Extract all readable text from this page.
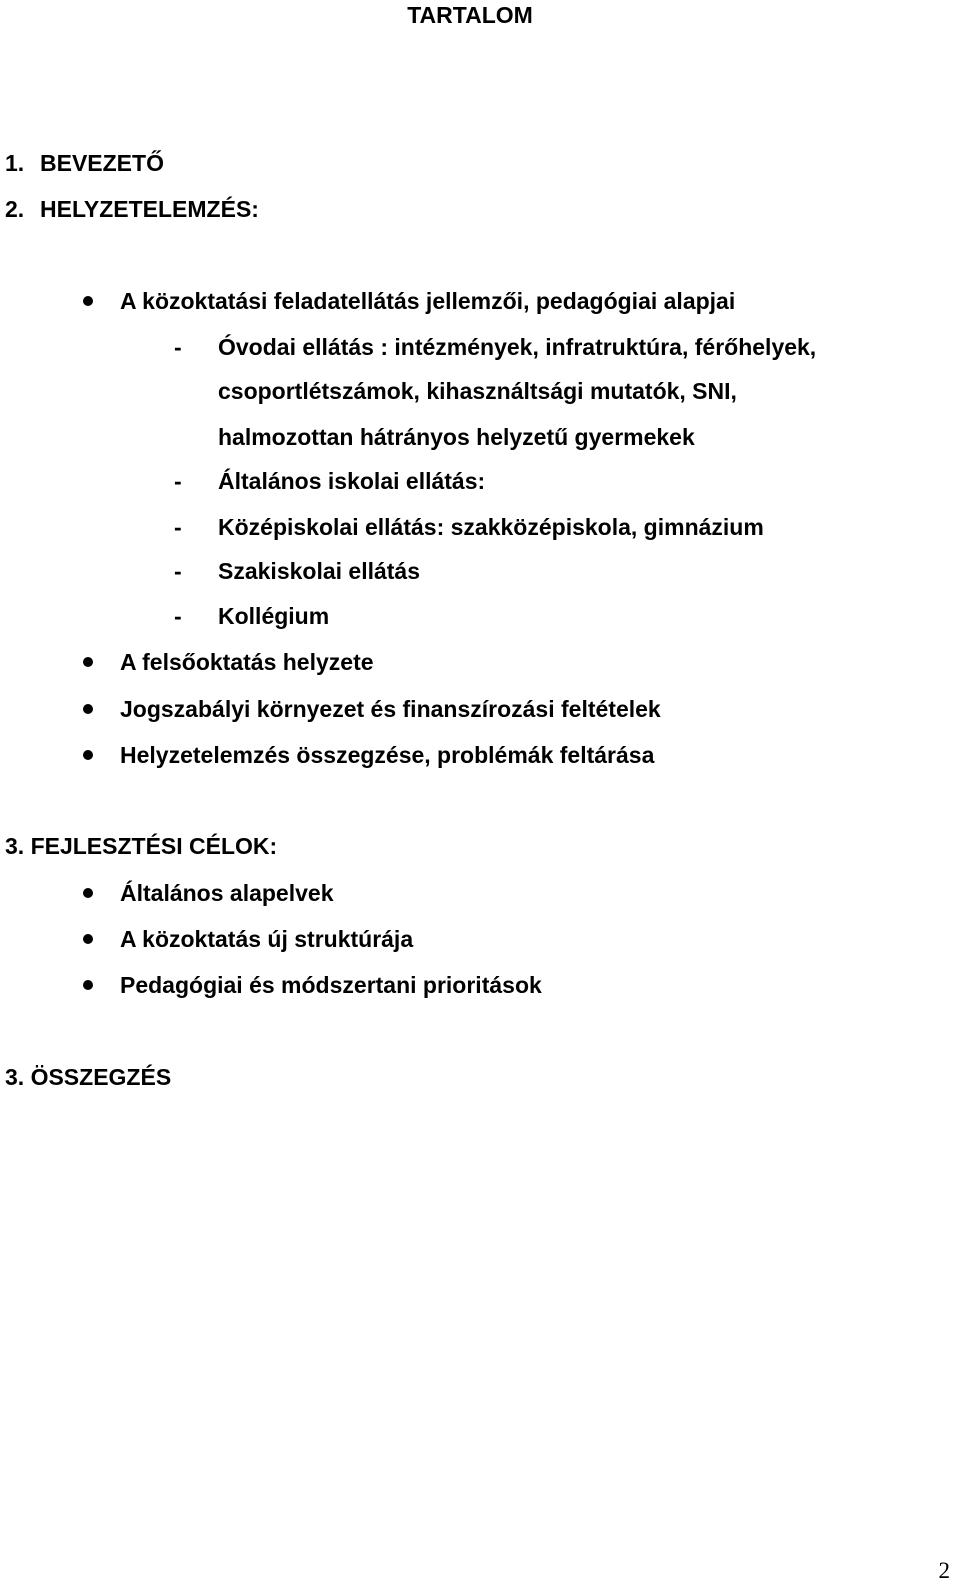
TARTALOM
1. BEVEZETŐ
2. HELYZETELEMZÉS:
A közoktatási feladatellátás jellemzői, pedagógiai alapjai
- Óvodai ellátás : intézmények, infratruktúra, férőhelyek,
csoportlétszámok, kihasználtsági mutatók, SNI,
halmozottan hátrányos helyzetű gyermekek
- Általános iskolai ellátás:
- Középiskolai ellátás: szakközépiskola, gimnázium
- Szakiskolai ellátás
- Kollégium
A felsőoktatás helyzete
Jogszabályi környezet és finanszírozási feltételek
Helyzetelemzés összegzése, problémák feltárása
3. FEJLESZTÉSI CÉLOK:
Általános alapelvek
A közoktatás új struktúrája
Pedagógiai és módszertani prioritások
3. ÖSSZEGZÉS
2
